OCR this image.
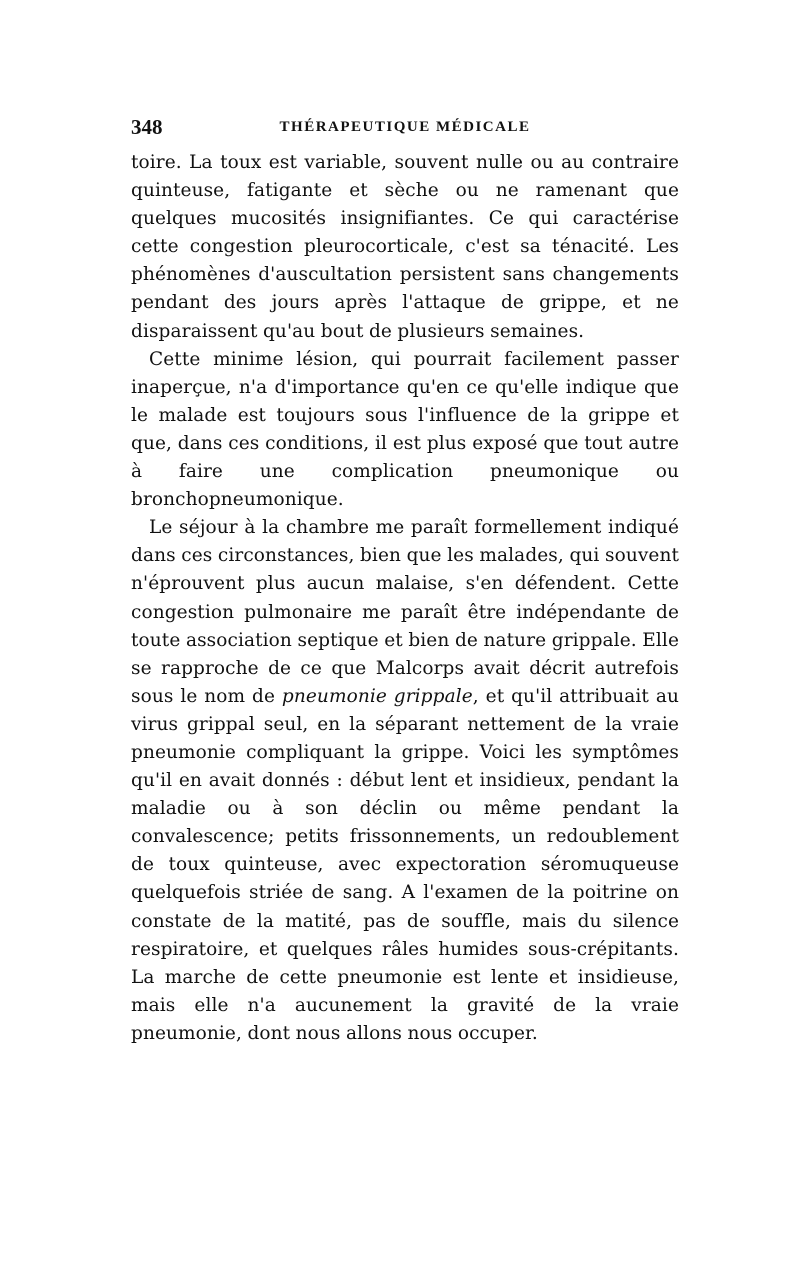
348	THÉRAPEUTIQUE MÉDICALE

toire. La toux est variable, souvent nulle ou au contraire quinteuse, fatigante et sèche ou ne ramenant que quelques mucosités insignifiantes. Ce qui caractérise cette congestion pleurocorticale, c'est sa ténacité. Les phénomènes d'auscultation persistent sans changements pendant des jours après l'attaque de grippe, et ne disparaissent qu'au bout de plusieurs semaines.

Cette minime lésion, qui pourrait facilement passer inaperçue, n'a d'importance qu'en ce qu'elle indique que le malade est toujours sous l'influence de la grippe et que, dans ces conditions, il est plus exposé que tout autre à faire une complication pneumonique ou bronchopneumonique.

Le séjour à la chambre me paraît formellement indiqué dans ces circonstances, bien que les malades, qui souvent n'éprouvent plus aucun malaise, s'en défendent. Cette congestion pulmonaire me paraît être indépendante de toute association septique et bien de nature grippale. Elle se rapproche de ce que Malcorps avait décrit autrefois sous le nom de pneumonie grippale, et qu'il attribuait au virus grippal seul, en la séparant nettement de la vraie pneumonie compliquant la grippe. Voici les symptômes qu'il en avait donnés : début lent et insidieux, pendant la maladie ou à son déclin ou même pendant la convalescence; petits frissonnements, un redoublement de toux quinteuse, avec expectoration séromuqueuse quelquefois striée de sang. A l'examen de la poitrine on constate de la matité, pas de souffle, mais du silence respiratoire, et quelques râles humides sous-crépitants. La marche de cette pneumonie est lente et insidieuse, mais elle n'a aucunement la gravité de la vraie pneumonie, dont nous allons nous occuper.
